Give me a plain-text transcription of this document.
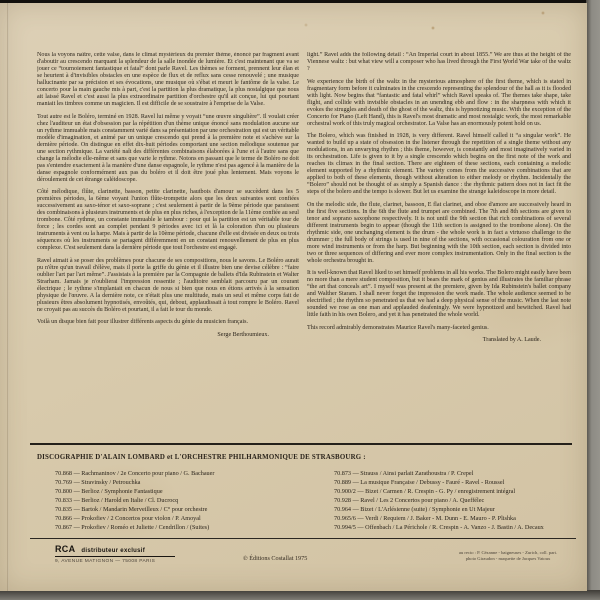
Nous la voyons naître, cette valse, dans le climat mystérieux du premier thème, énoncé par fragment avant d'aboutir au crescendo marquant la splendeur de la salle inondée de lumière. Et c'est maintenant que va se jouer ce “tournoiement fantastique et fatal” dont parle Ravel. Les thèmes se forment, prennent leur élan et se heurtent à d'invisibles obstacles en une espèce de flux et de reflux sans cesse renouvelé ; une musique hallucinante par sa précision et ses évocations, une musique où s'ébat et meurt le fantôme de la valse. Le concerto pour la main gauche mis à part, c'est la partition la plus dramatique, la plus nostalgique que nous ait laissé Ravel et c'est aussi la plus extraordinaire partition d'orchestre qu'il ait conçue, lui qui pourtant maniait les timbres comme un magicien. Il est difficile de se soustraire à l'emprise de la Valse.

Tout autre est le Boléro, terminé en 1928. Ravel lui même y voyait “une œuvre singulière”. Il voulait créer chez l'auditeur un état d'obsession par la répétition d'un thème unique énoncé sans modulation aucune sur un rythme immuable mais constamment varié dans sa présentation par une orchestration qui est un véritable modèle d'imagination, et animé par un unique crescendo qui prend à la première note et s'achève sur la dernière période. On distingue en effet dix-huit périodes comportant une section mélodique soutenue par une section rythmique. La variété naît des différentes combinaisons élaborées à l'une et à l'autre sans que change la mélodie elle-même et sans que varie le rythme. Notons en passant que le terme de Boléro ne doit pas s'entendre exactement à la manière d'une danse espagnole, le rythme n'est pas agencé à la manière de la danse espagnole conformément aux pas du boléro et il doit être joué plus lentement. Mais voyons le déroulement de cet étrange caléidoscope.

Côté mélodique, flûte, clarinette, basson, petite clarinette, hautbois d'amour se succèdent dans les 5 premières périodes, la 6ème voyant l'union flûte-trompette alors que les deux suivantes sont confiées successivement au saxo-ténor et saxo-soprane ; c'est seulement à partir de la 9ème période que paraissent des combinaisons à plusieurs instruments et de plus en plus riches, à l'exception de la 11ème confiée au seul trombone. Côté rythme, un constante immuable le tambour : pour qui la partition est un véritable tour de force ; les cordes sont au complet pendant 9 périodes avec ici et là la coloration d'un ou plusieurs instruments à vent ou la harpe. Mais à partir de la 10ème période, chacune d'elle est divisée en deux ou trois séquences où les instruments se partagent différemment en un constant renouvellement de plus en plus complexe. C'est seulement dans la dernière période que tout l'orchestre est engagé.

Ravel aimait à se poser des problèmes pour chacune de ses compositions, nous le savons. Le Boléro aurait pu n'être qu'un travail d'élève, mais il porte la griffe du génie et il illustre bien une devise célèbre : “faire oublier l'art par l'art même”. J'assistais à la première par la Compagnie de ballets d'Ida Rubinstein et Walter Strarham. Jamais je n'oublierai l'impression ressentie ; l'auditoire semblait parcouru par un courant électrique ; le rythme s'implantait en chacun de nous si bien que nous en étions arrivés à la sensation physique de l'œuvre. A la dernière note, ce n'était plus une multitude, mais un seul et même corps fait de plusieurs êtres absolument hypnotisés, envoûtés, qui, debout, applaudissait à tout rompre le Boléro. Ravel ne croyait pas au succès du Boléro et pourtant, il a fait le tour du monde.

Voilà un disque bien fait pour illustrer différents aspects du génie du musicien français.

Serge Berthoumieux.

light.” Ravel adds the following detail : “An Imperial court in about 1855.” We are thus at the height of the Viennese waltz : but what view will a composer who has lived through the First World War take of the waltz ?

We experience the birth of the waltz in the mysterious atmosphere of the first theme, which is stated in fragmentary form before it culminates in the crescendo representing the splendour of the hall as it is flooded with light. Now begins that “fantastic and fatal whirl” which Ravel speaks of. The themes take shape, take flight, and collide with invisible obstacles in an unending ebb and flow : in the sharpness with which it evokes the struggles and death of the ghost of the waltz, this is hypnotizing music. With the exception of the Concerto for Piano (Left Hand), this is Ravel's most dramatic and most nostalgic work, the most remarkable orchestral work of this truly magical orchestrator. La Valse has an enormously potent hold on us.

The Bolero, which was finished in 1928, is very different. Ravel himself called it “a singular work”. He wanted to build up a state of obsession in the listener through the repetition of a single theme without any modulations, in an unvarying rhythm ; this theme, however, is constantly and most imaginatively varied in its orchestration. Life is given to it by a single crescendo which begins on the first note of the work and reaches its climax in the final section. There are eighteen of these sections, each containing a melodic element supported by a rhythmic element. The variety comes from the successive combinations that are applied to both of these elements, though without alteration to either melody or rhythm. Incidentally the “Bolero” should not be thought of as simply a Spanish dance : the rhythmic pattern does not in fact fit the steps of the bolero and the tempo is slower. But let us examine the strange kaleidoscope in more detail.

On the melodic side, the flute, clarinet, bassoon, E flat clarinet, and oboe d'amore are successively heard in the first five sections. In the 6th the flute and trumpet are combined. The 7th and 8th sections are given to tenor and soprano saxophone respectively. It is not until the 9th section that rich combinations of several different instruments begin to appear (though the 11th section is assigned to the trombone alone). On the rhythmic side, one unchanging element is the drum - the whole work is in fact a virtuoso challenge to the drummer ; the full body of strings is used in nine of the sections, with occasional colouration from one or more wind instruments or from the harp. But beginning with the 10th section, each section is divided into two or three sequences of differing and ever more complex instrumentation. Only in the final section is the whole orchestra brought in.

It is well-known that Ravel liked to set himself problems in all his works. The Bolero might easily have been no more than a mere student composition, but it bears the mark of genius and illustrates the familiar phrase “the art that conceals art”. I myself was present at the premiere, given by Ida Rubinstein's ballet company and Walther Staram. I shall never forget the impression the work made. The whole audience seemed to be electrified ; the rhythm so penetrated us that we had a deep physical sense of the music. When the last note sounded we rose as one man and applauded deafeningly. We were hypnotized and bewitched. Ravel had little faith in his own Bolero, and yet it has penetrated the whole world.

This record admirably demonstrates Maurice Ravel's many-faceted genius.

Translated by A. Laude.

DISCOGRAPHIE D'ALAIN LOMBARD et L'ORCHESTRE PHILHARMONIQUE DE STRASBOURG :
70.868 — Rachmaninov / 2e Concerto pour piano / G. Bachauer
70.769 — Stravinsky / Petrouchka
70.800 — Berlioz / Symphonie Fantastique
70.833 — Berlioz / Harold en Italie / Cl. Ducrocq
70.835 — Bartok / Mandarin Merveilleux / C° pour orchestre
70.866 — Prokofiev / 2 Concertos pour violon / P. Amoyal
70.867 — Prokofiev / Roméo et Juliette / Cendrillon / (Suites)
70.873 — Strauss / Ainsi parlait Zarathoustra / P. Crepel
70.889 — La musique Française / Debussy - Fauré - Ravel - Roussel
70.900/2 — Bizet / Carmen / R. Crespin - G. Py / enregistrement intégral
70.928 — Ravel / Les 2 Concertos pour piano / A. Queffélec
70.964 — Bizet / L'Arlésienne (suite) / Symphonie en Ut Majeur
70.965/6 — Verdi / Requiem / J. Baker - M. Dunn - E. Mauro - P. Plishka
70.994/5 — Offenbach / La Périchole / R. Crespin - A. Vanzo - J. Bastin / A. Decaux
RCA distributeur exclusif
9, AVENUE MATIGNON — 75008 PARIS	℗ Éditions Costallat 1975
au recto : P. Cézanne - baigneuses - Zurich, coll. part.
photo Giraudon - maquette de Jacques Vatoux
